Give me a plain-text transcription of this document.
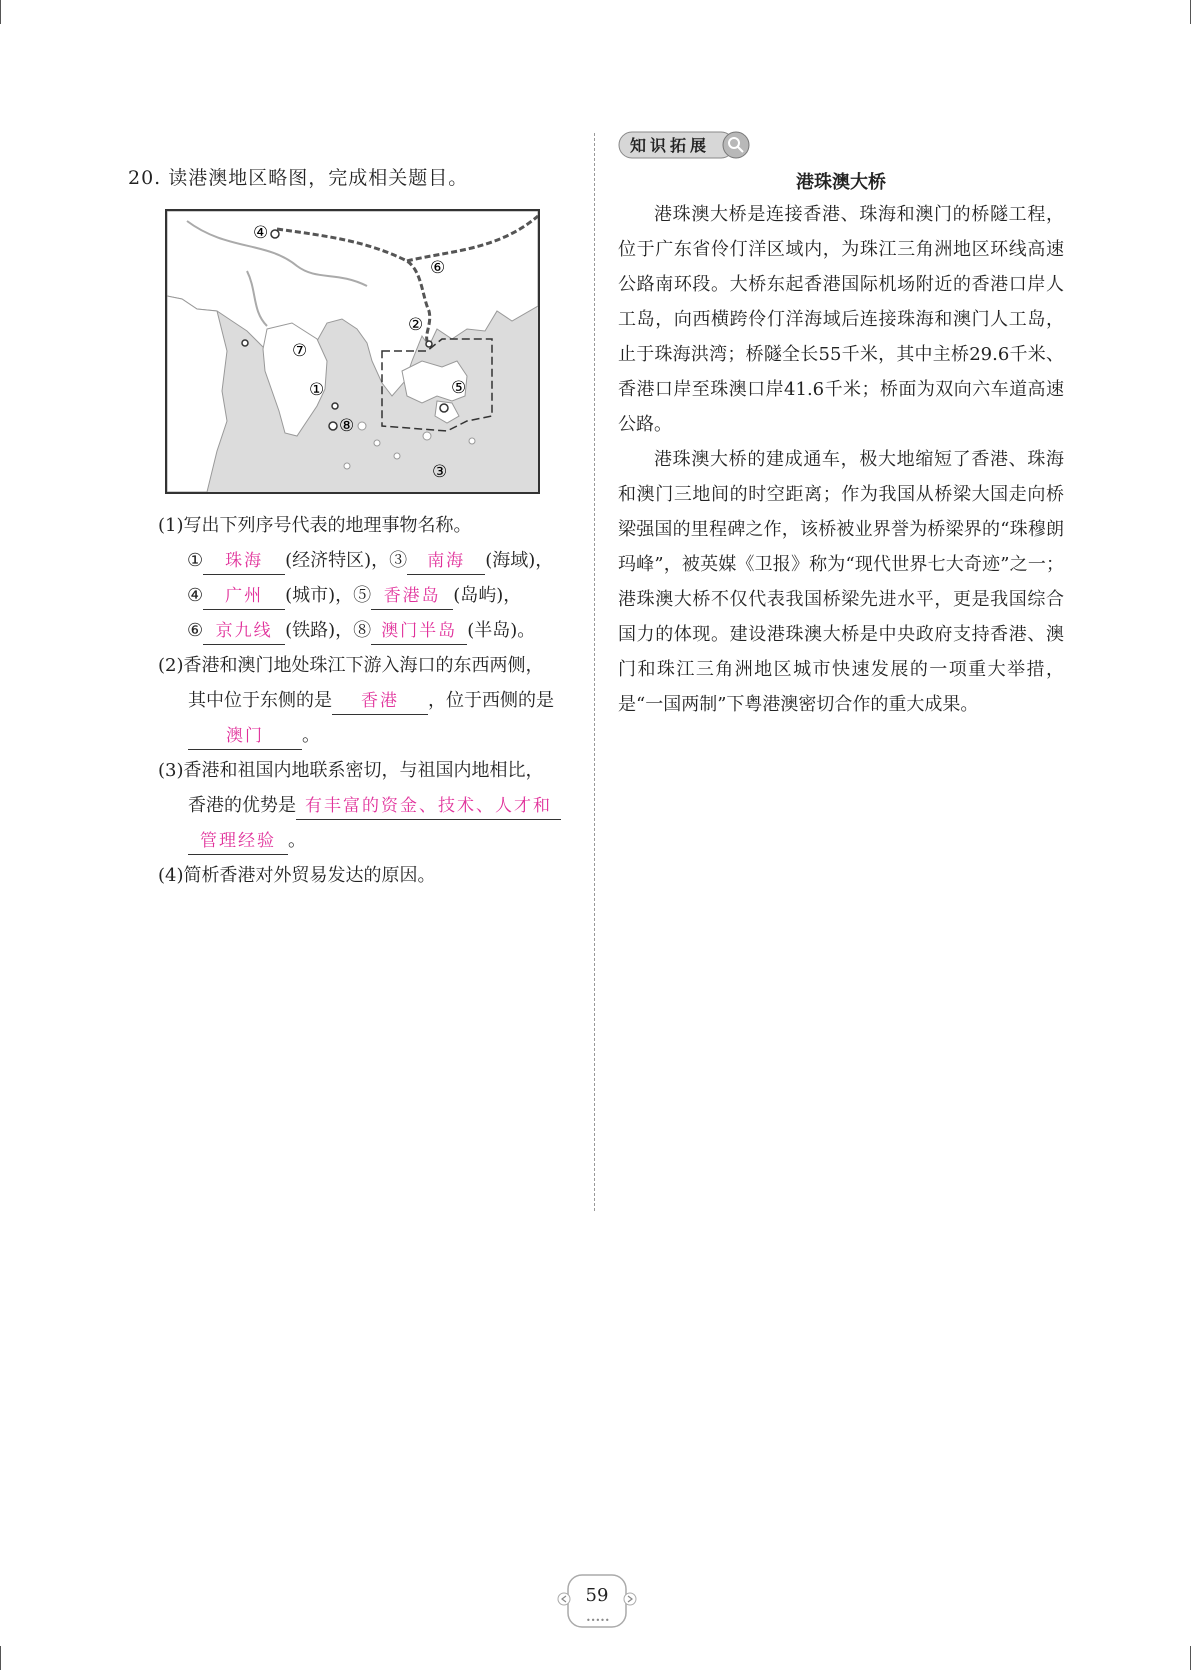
20. 读港澳地区略图，完成相关题目。
④
⑥
②
⑦
①
⑧
⑤
③
(1)写出下列序号代表的地理事物名称。
① 珠海 (经济特区)，③ 南海 (海域)，
④ 广州 (城市)，⑤ 香港岛 (岛屿)，
⑥ 京九线 (铁路)，⑧ 澳门半岛 (半岛)。
(2)香港和澳门地处珠江下游入海口的东西两侧，
其中位于东侧的是 香港 ，位于西侧的是
澳门 。
(3)香港和祖国内地联系密切，与祖国内地相比，
香港的优势是 有丰富的资金、技术、人才和
管理经验 。
(4)简析香港对外贸易发达的原因。
知识拓展
港珠澳大桥

港珠澳大桥是连接香港、珠海和澳门的桥隧工程，位于广东省伶仃洋区域内，为珠江三角洲地区环线高速公路南环段。大桥东起香港国际机场附近的香港口岸人工岛，向西横跨伶仃洋海域后连接珠海和澳门人工岛，止于珠海洪湾；桥隧全长55千米，其中主桥29.6千米、香港口岸至珠澳口岸41.6千米；桥面为双向六车道高速公路。

港珠澳大桥的建成通车，极大地缩短了香港、珠海和澳门三地间的时空距离；作为我国从桥梁大国走向桥梁强国的里程碑之作，该桥被业界誉为桥梁界的“珠穆朗玛峰”，被英媒《卫报》称为“现代世界七大奇迹”之一；港珠澳大桥不仅代表我国桥梁先进水平，更是我国综合国力的体现。建设港珠澳大桥是中央政府支持香港、澳门和珠江三角洲地区城市快速发展的一项重大举措，是“一国两制”下粤港澳密切合作的重大成果。

•••••
59
